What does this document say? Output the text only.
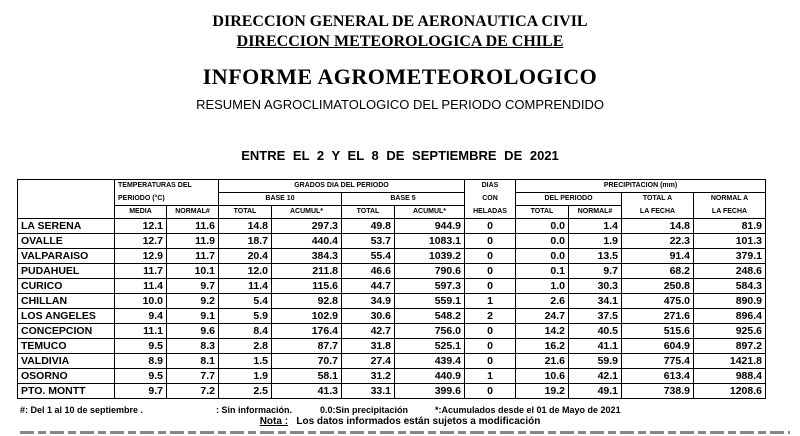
DIRECCION GENERAL DE AERONAUTICA CIVIL
DIRECCION METEOROLOGICA DE CHILE
INFORME AGROMETEOROLOGICO
RESUMEN AGROCLIMATOLOGICO DEL PERIODO COMPRENDIDO
ENTRE EL 2 Y EL 8 DE SEPTIEMBRE DE 2021
	TEMPERATURAS DEL		GRADOS DIA DEL PERIODO				DIAS	PRECIPITACION (mm)			
	PERIODO (°C)		BASE 10		BASE 5		CON	DEL PERIODO		TOTAL A	NORMAL A
	MEDIA	NORMAL#	TOTAL	ACUMUL*	TOTAL	ACUMUL*	HELADAS	TOTAL	NORMAL#	LA FECHA	LA FECHA
LA SERENA	12.1	11.6	14.8	297.3	49.8	944.9	0	0.0	1.4	14.8	81.9
OVALLE	12.7	11.9	18.7	440.4	53.7	1083.1	0	0.0	1.9	22.3	101.3
VALPARAISO	12.9	11.7	20.4	384.3	55.4	1039.2	0	0.0	13.5	91.4	379.1
PUDAHUEL	11.7	10.1	12.0	211.8	46.6	790.6	0	0.1	9.7	68.2	248.6
CURICO	11.4	9.7	11.4	115.6	44.7	597.3	0	1.0	30.3	250.8	584.3
CHILLAN	10.0	9.2	5.4	92.8	34.9	559.1	1	2.6	34.1	475.0	890.9
LOS ANGELES	9.4	9.1	5.9	102.9	30.6	548.2	2	24.7	37.5	271.6	896.4
CONCEPCION	11.1	9.6	8.4	176.4	42.7	756.0	0	14.2	40.5	515.6	925.6
TEMUCO	9.5	8.3	2.8	87.7	31.8	525.1	0	16.2	41.1	604.9	897.2
VALDIVIA	8.9	8.1	1.5	70.7	27.4	439.4	0	21.6	59.9	775.4	1421.8
OSORNO	9.5	7.7	1.9	58.1	31.2	440.9	1	10.6	42.1	613.4	988.4
PTO. MONTT	9.7	7.2	2.5	41.3	33.1	399.6	0	19.2	49.1	738.9	1208.6
#: Del 1 al 10 de septiembre .	: Sin información.	0.0:Sin precipitación	*:Acumulados desde el 01 de Mayo de 2021
Nota : Los datos informados están sujetos a modificación
